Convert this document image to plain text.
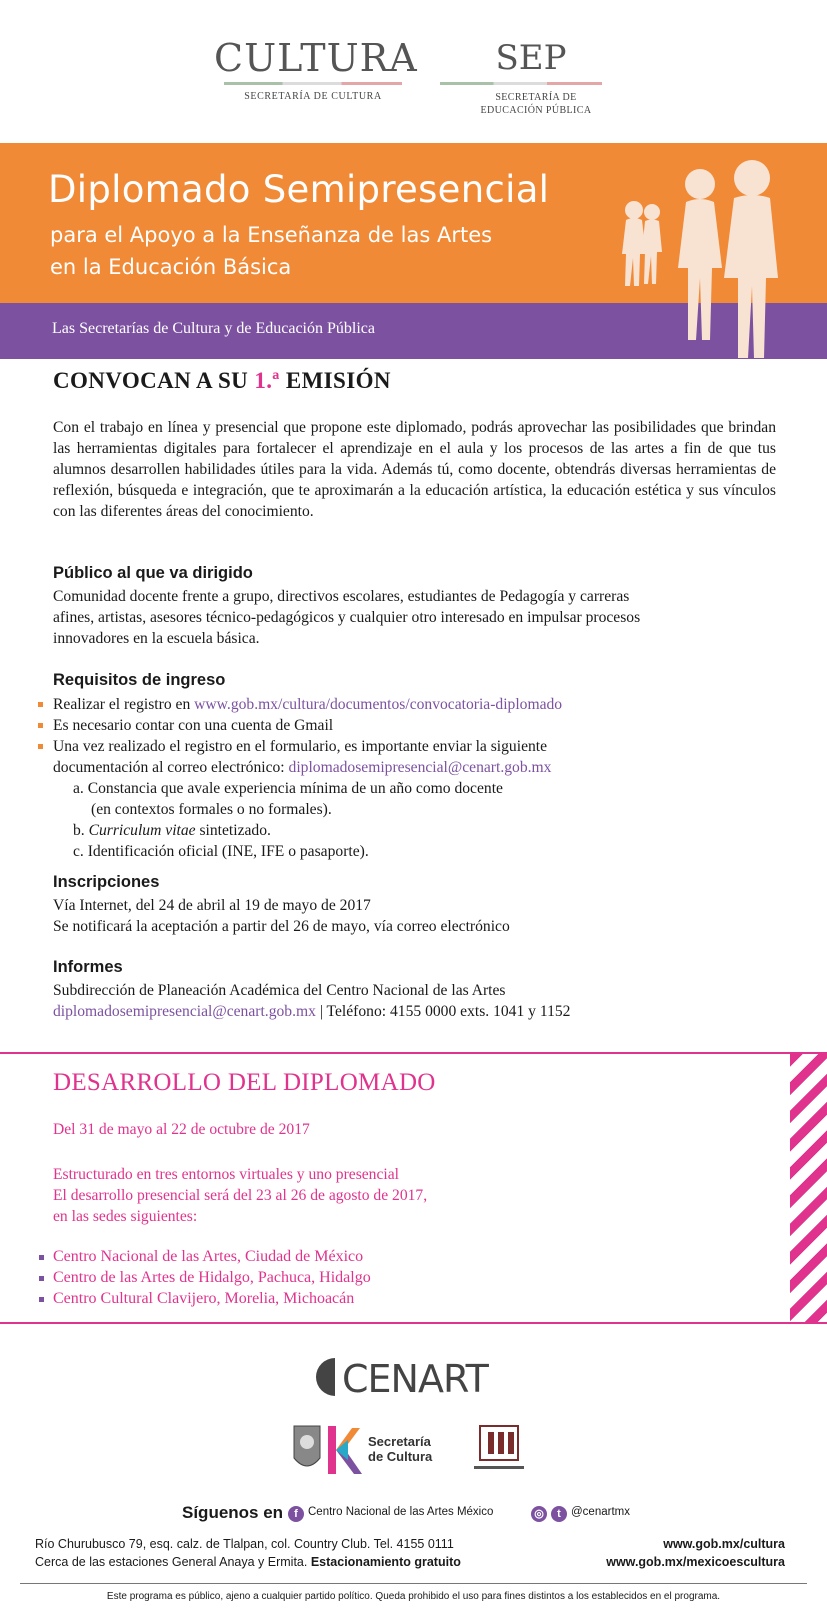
CULTURA
SECRETARÍA DE CULTURA
SEP
SECRETARÍA DE
EDUCACIÓN PÚBLICA
Diplomado Semipresencial
para el Apoyo a la Enseñanza de las Artes
en la Educación Básica
Las Secretarías de Cultura y de Educación Pública
CONVOCAN A SU 1.ª EMISIÓN

Con el trabajo en línea y presencial que propone este diplomado, podrás aprovechar las posibilidades que brindan las herramientas digitales para fortalecer el aprendizaje en el aula y los procesos de las artes a fin de que tus alumnos desarrollen habilidades útiles para la vida. Además tú, como docente, obtendrás diversas herramientas de reflexión, búsqueda e integración, que te aproximarán a la educación artística, la educación estética y sus vínculos con las diferentes áreas del conocimiento.

Público al que va dirigido
Comunidad docente frente a grupo, directivos escolares, estudiantes de Pedagogía y carreras
afines, artistas, asesores técnico-pedagógicos y cualquier otro interesado en impulsar procesos
innovadores en la escuela básica.
Requisitos de ingreso
Realizar el registro en www.gob.mx/cultura/documentos/convocatoria-diplomado
Es necesario contar con una cuenta de Gmail
Una vez realizado el registro en el formulario, es importante enviar la siguiente
documentación al correo electrónico: diplomadosemipresencial@cenart.gob.mx
a. Constancia que avale experiencia mínima de un año como docente
(en contextos formales o no formales).
b. Curriculum vitae sintetizado.
c. Identificación oficial (INE, IFE o pasaporte).
Inscripciones
Vía Internet, del 24 de abril al 19 de mayo de 2017
Se notificará la aceptación a partir del 26 de mayo, vía correo electrónico
Informes
Subdirección de Planeación Académica del Centro Nacional de las Artes
diplomadosemipresencial@cenart.gob.mx | Teléfono: 4155 0000 exts. 1041 y 1152
DESARROLLO DEL DIPLOMADO
Del 31 de mayo al 22 de octubre de 2017
Estructurado en tres entornos virtuales y uno presencial
El desarrollo presencial será del 23 al 26 de agosto de 2017,
en las sedes siguientes:
Centro Nacional de las Artes, Ciudad de México
Centro de las Artes de Hidalgo, Pachuca, Hidalgo
Centro Cultural Clavijero, Morelia, Michoacán
CENART
Secretaría
de Cultura
Síguenos en	f Centro Nacional de las Artes México	◎	t @cenartmx
Río Churubusco 79, esq. calz. de Tlalpan, col. Country Club. Tel. 4155 0111
Cerca de las estaciones General Anaya y Ermita. Estacionamiento gratuito
www.gob.mx/cultura
www.gob.mx/mexicoescultura
Este programa es público, ajeno a cualquier partido político. Queda prohibido el uso para fines distintos a los establecidos en el programa.
